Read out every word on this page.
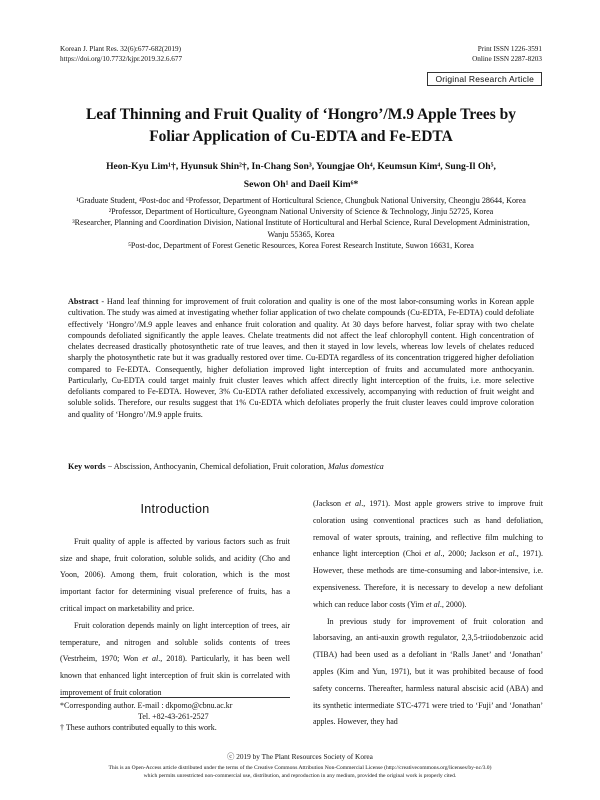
Korean J. Plant Res. 32(6):677-682(2019)
https://doi.org/10.7732/kjpr.2019.32.6.677
Print ISSN 1226-3591
Online ISSN 2287-8203
Original Research Article
Leaf Thinning and Fruit Quality of ‘Hongro’/M.9 Apple Trees by
Foliar Application of Cu-EDTA and Fe-EDTA
Heon-Kyu Lim¹†, Hyunsuk Shin²†, In-Chang Son³, Youngjae Oh⁴, Keumsun Kim⁴, Sung-Il Oh⁵,
Sewon Oh¹ and Daeil Kim⁶*
¹Graduate Student, ⁴Post-doc and ⁶Professor, Department of Horticultural Science, Chungbuk National University, Cheongju 28644, Korea
²Professor, Department of Horticulture, Gyeongnam National University of Science & Technology, Jinju 52725, Korea
³Researcher, Planning and Coordination Division, National Institute of Horticultural and Herbal Science, Rural Development Administration, Wanju 55365, Korea
⁵Post-doc, Department of Forest Genetic Resources, Korea Forest Research Institute, Suwon 16631, Korea
Abstract - Hand leaf thinning for improvement of fruit coloration and quality is one of the most labor-consuming works in Korean apple cultivation. The study was aimed at investigating whether foliar application of two chelate compounds (Cu-EDTA, Fe-EDTA) could defoliate effectively ‘Hongro’/M.9 apple leaves and enhance fruit coloration and quality. At 30 days before harvest, foliar spray with two chelate compounds defoliated significantly the apple leaves. Chelate treatments did not affect the leaf chlorophyll content. High concentration of chelates decreased drastically photosynthetic rate of true leaves, and then it stayed in low levels, whereas low levels of chelates reduced sharply the photosynthetic rate but it was gradually restored over time. Cu-EDTA regardless of its concentration triggered higher defoliation compared to Fe-EDTA. Consequently, higher defoliation improved light interception of fruits and accumulated more anthocyanin. Particularly, Cu-EDTA could target mainly fruit cluster leaves which affect directly light interception of the fruits, i.e. more selective defoliants compared to Fe-EDTA. However, 3% Cu-EDTA rather defoliated excessively, accompanying with reduction of fruit weight and soluble solids. Therefore, our results suggest that 1% Cu-EDTA which defoliates properly the fruit cluster leaves could improve coloration and quality of ‘Hongro’/M.9 apple fruits.
Key words − Abscission, Anthocyanin, Chemical defoliation, Fruit coloration, Malus domestica
Introduction

Fruit quality of apple is affected by various factors such as fruit size and shape, fruit coloration, soluble solids, and acidity (Cho and Yoon, 2006). Among them, fruit coloration, which is the most important factor for determining visual preference of fruits, has a critical impact on marketability and price.

Fruit coloration depends mainly on light interception of trees, air temperature, and nitrogen and soluble solids contents of trees (Vestrheim, 1970; Won et al., 2018). Particularly, it has been well known that enhanced light interception of fruit skin is correlated with improvement of fruit coloration

(Jackson et al., 1971). Most apple growers strive to improve fruit coloration using conventional practices such as hand defoliation, removal of water sprouts, training, and reflective film mulching to enhance light interception (Choi et al., 2000; Jackson et al., 1971). However, these methods are time-consuming and labor-intensive, i.e. expensiveness. Therefore, it is necessary to develop a new defoliant which can reduce labor costs (Yim et al., 2000).

In previous study for improvement of fruit coloration and laborsaving, an anti-auxin growth regulator, 2,3,5-triiodobenzoic acid (TIBA) had been used as a defoliant in ‘Ralls Janet’ and ‘Jonathan’ apples (Kim and Yun, 1971), but it was prohibited because of food safety concerns. Thereafter, harmless natural abscisic acid (ABA) and its synthetic intermediate STC-4771 were tried to ‘Fuji’ and ‘Jonathan’ apples. However, they had

*Corresponding author. E-mail : dkpomo@cbnu.ac.kr
Tel. +82-43-261-2527
† These authors contributed equally to this work.
ⓒ 2019 by The Plant Resources Society of Korea
This is an Open-Access article distributed under the terms of the Creative Commons Attribution Non-Commercial License (http://creativecommons.org/licenses/by-nc/3.0)
which permits unrestricted non-commercial use, distribution, and reproduction in any medium, provided the original work is properly cited.
